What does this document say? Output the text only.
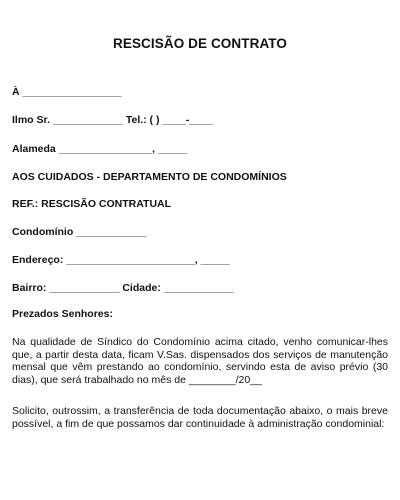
RESCISÃO DE CONTRATO
À _________________
Ilmo Sr. ____________ Tel.: ( ) ____-____
Alameda ________________, _____
AOS CUIDADOS - DEPARTAMENTO DE CONDOMÍNIOS
REF.: RESCISÃO CONTRATUAL
Condomínio ____________
Endereço: ______________________, _____
Bairro: ____________ Cidade: ____________
Prezados Senhores:
Na qualidade de Síndico do Condomínio acima citado, venho comunicar-lhes que, a partir desta data, ficam V.Sas. dispensados dos serviços de manutenção mensal que vêm prestando ao condomínio, servindo esta de aviso prévio (30 dias), que será trabalhado no mês de ________/20__
Solicito, outrossim, a transferência de toda documentação abaixo, o mais breve possível, a fim de que possamos dar continuidade à administração condominial:
